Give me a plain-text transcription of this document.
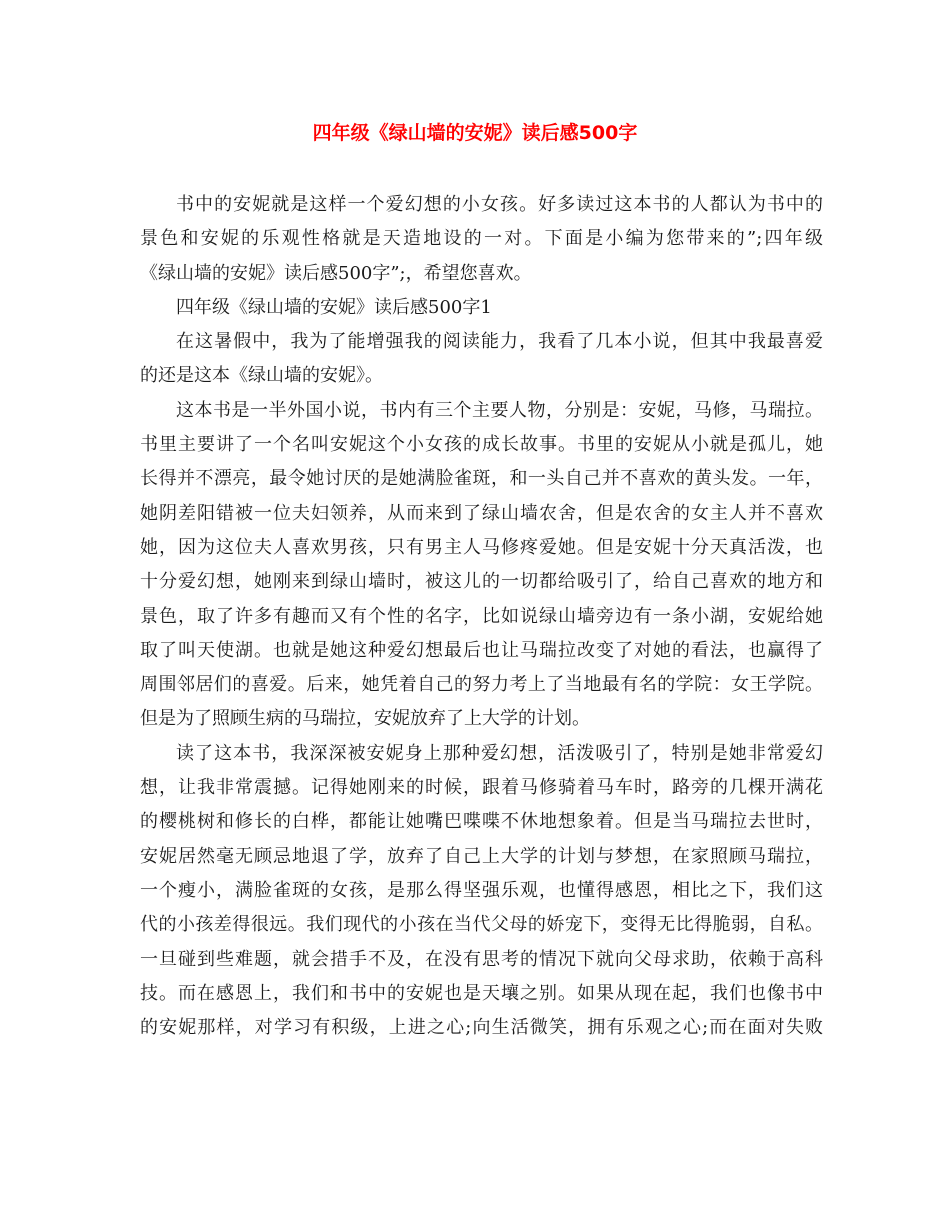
四年级《绿山墙的安妮》读后感500字
书中的安妮就是这样一个爱幻想的小女孩。好多读过这本书的人都认为书中的
景色和安妮的乐观性格就是天造地设的一对。下面是小编为您带来的”;四年级
《绿山墙的安妮》读后感500字”;，希望您喜欢。
四年级《绿山墙的安妮》读后感500字1
在这暑假中，我为了能增强我的阅读能力，我看了几本小说，但其中我最喜爱
的还是这本《绿山墙的安妮》。
这本书是一半外国小说，书内有三个主要人物，分别是：安妮，马修，马瑞拉。
书里主要讲了一个名叫安妮这个小女孩的成长故事。书里的安妮从小就是孤儿，她
长得并不漂亮，最令她讨厌的是她满脸雀斑，和一头自己并不喜欢的黄头发。一年，
她阴差阳错被一位夫妇领养，从而来到了绿山墙农舍，但是农舍的女主人并不喜欢
她，因为这位夫人喜欢男孩，只有男主人马修疼爱她。但是安妮十分天真活泼，也
十分爱幻想，她刚来到绿山墙时，被这儿的一切都给吸引了，给自己喜欢的地方和
景色，取了许多有趣而又有个性的名字，比如说绿山墙旁边有一条小湖，安妮给她
取了叫天使湖。也就是她这种爱幻想最后也让马瑞拉改变了对她的看法，也赢得了
周围邻居们的喜爱。后来，她凭着自己的努力考上了当地最有名的学院：女王学院。
但是为了照顾生病的马瑞拉，安妮放弃了上大学的计划。
读了这本书，我深深被安妮身上那种爱幻想，活泼吸引了，特别是她非常爱幻
想，让我非常震撼。记得她刚来的时候，跟着马修骑着马车时，路旁的几棵开满花
的樱桃树和修长的白桦，都能让她嘴巴喋喋不休地想象着。但是当马瑞拉去世时，
安妮居然毫无顾忌地退了学，放弃了自己上大学的计划与梦想，在家照顾马瑞拉，
一个瘦小，满脸雀斑的女孩，是那么得坚强乐观，也懂得感恩，相比之下，我们这
代的小孩差得很远。我们现代的小孩在当代父母的娇宠下，变得无比得脆弱，自私。
一旦碰到些难题，就会措手不及，在没有思考的情况下就向父母求助，依赖于高科
技。而在感恩上，我们和书中的安妮也是天壤之别。如果从现在起，我们也像书中
的安妮那样，对学习有积级，上进之心;向生活微笑，拥有乐观之心;而在面对失败
